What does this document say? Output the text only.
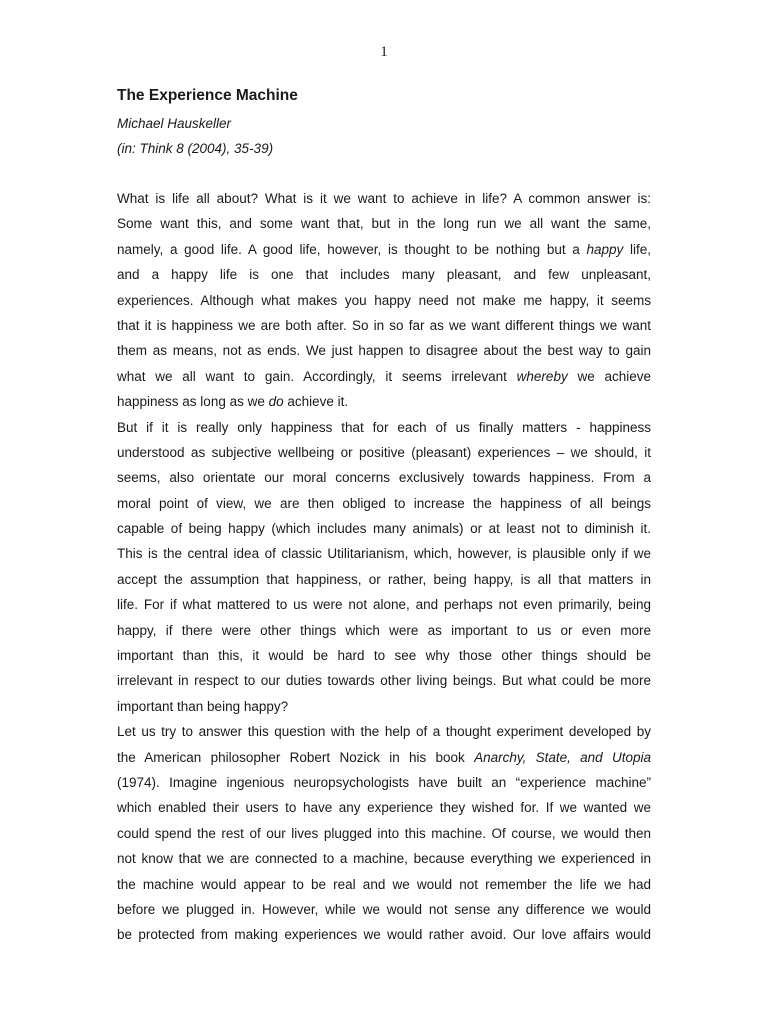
1
The Experience Machine

Michael Hauskeller

(in: Think 8 (2004), 35-39)

What is life all about? What is it we want to achieve in life? A common answer is:
Some want this, and some want that, but in the long run we all want the same,
namely, a good life. A good life, however, is thought to be nothing but a happy life,
and a happy life is one that includes many pleasant, and few unpleasant,
experiences. Although what makes you happy need not make me happy, it seems
that it is happiness we are both after. So in so far as we want different things we want
them as means, not as ends. We just happen to disagree about the best way to gain
what we all want to gain. Accordingly, it seems irrelevant whereby we achieve
happiness as long as we do achieve it.
But if it is really only happiness that for each of us finally matters - happiness
understood as subjective wellbeing or positive (pleasant) experiences – we should, it
seems, also orientate our moral concerns exclusively towards happiness. From a
moral point of view, we are then obliged to increase the happiness of all beings
capable of being happy (which includes many animals) or at least not to diminish it.
This is the central idea of classic Utilitarianism, which, however, is plausible only if we
accept the assumption that happiness, or rather, being happy, is all that matters in
life. For if what mattered to us were not alone, and perhaps not even primarily, being
happy, if there were other things which were as important to us or even more
important than this, it would be hard to see why those other things should be
irrelevant in respect to our duties towards other living beings. But what could be more
important than being happy?
Let us try to answer this question with the help of a thought experiment developed by
the American philosopher Robert Nozick in his book Anarchy, State, and Utopia
(1974). Imagine ingenious neuropsychologists have built an “experience machine”
which enabled their users to have any experience they wished for. If we wanted we
could spend the rest of our lives plugged into this machine. Of course, we would then
not know that we are connected to a machine, because everything we experienced in
the machine would appear to be real and we would not remember the life we had
before we plugged in. However, while we would not sense any difference we would
be protected from making experiences we would rather avoid. Our love affairs would
